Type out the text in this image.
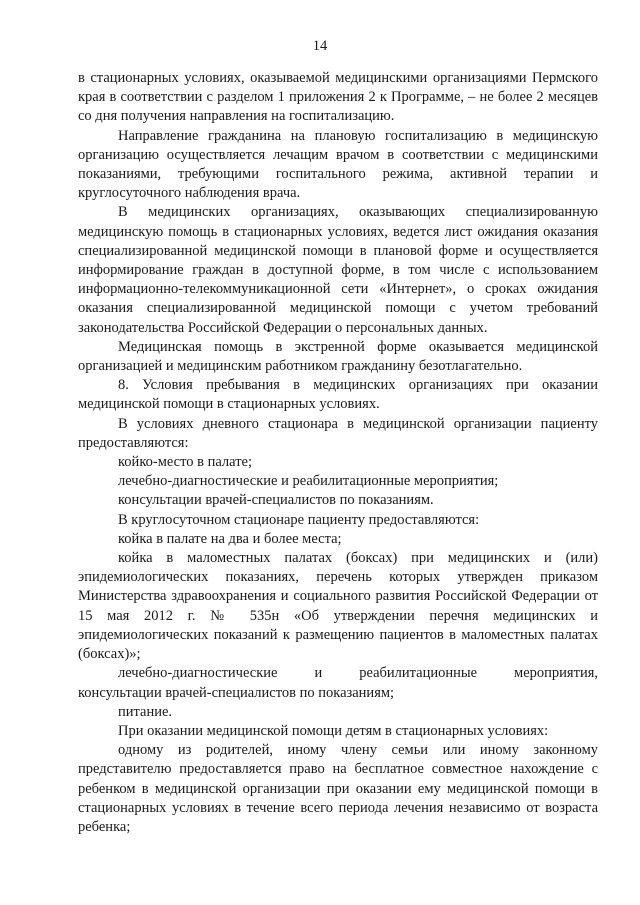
14

в стационарных условиях, оказываемой медицинскими организациями Пермского края в соответствии с разделом 1 приложения 2 к Программе, – не более 2 месяцев со дня получения направления на госпитализацию.

Направление гражданина на плановую госпитализацию в медицинскую организацию осуществляется лечащим врачом в соответствии с медицинскими показаниями, требующими госпитального режима, активной терапии и круглосуточного наблюдения врача.

В медицинских организациях, оказывающих специализированную медицинскую помощь в стационарных условиях, ведется лист ожидания оказания специализированной медицинской помощи в плановой форме и осуществляется информирование граждан в доступной форме, в том числе с использованием информационно-телекоммуникационной сети «Интернет», о сроках ожидания оказания специализированной медицинской помощи с учетом требований законодательства Российской Федерации о персональных данных.

Медицинская помощь в экстренной форме оказывается медицинской организацией и медицинским работником гражданину безотлагательно.

8. Условия пребывания в медицинских организациях при оказании медицинской помощи в стационарных условиях.

В условиях дневного стационара в медицинской организации пациенту предоставляются:

койко-место в палате;

лечебно-диагностические и реабилитационные мероприятия;

консультации врачей-специалистов по показаниям.

В круглосуточном стационаре пациенту предоставляются:

койка в палате на два и более места;

койка в маломестных палатах (боксах) при медицинских и (или) эпидемиологических показаниях, перечень которых утвержден приказом Министерства здравоохранения и социального развития Российской Федерации от 15 мая 2012 г. № 535н «Об утверждении перечня медицинских и эпидемиологических показаний к размещению пациентов в маломестных палатах (боксах)»;

лечебно-диагностические и реабилитационные мероприятия,

консультации врачей-специалистов по показаниям;

питание.

При оказании медицинской помощи детям в стационарных условиях:

одному из родителей, иному члену семьи или иному законному представителю предоставляется право на бесплатное совместное нахождение с ребенком в медицинской организации при оказании ему медицинской помощи в стационарных условиях в течение всего периода лечения независимо от возраста ребенка;
